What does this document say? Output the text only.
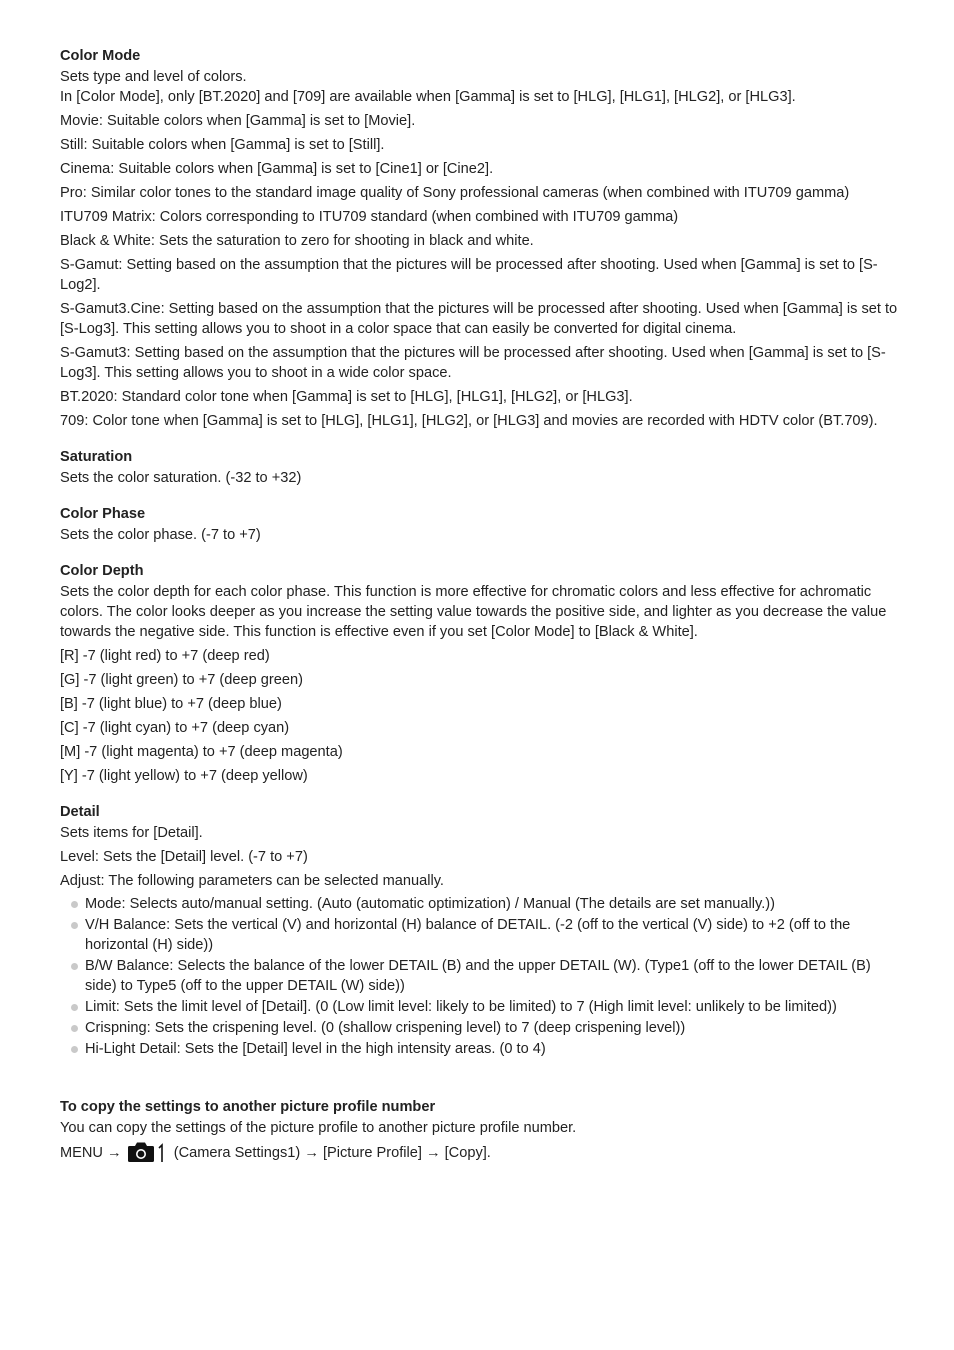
Color Mode

Sets type and level of colors.

In [Color Mode], only [BT.2020] and [709] are available when [Gamma] is set to [HLG], [HLG1], [HLG2], or [HLG3].

Movie: Suitable colors when [Gamma] is set to [Movie].

Still: Suitable colors when [Gamma] is set to [Still].

Cinema: Suitable colors when [Gamma] is set to [Cine1] or [Cine2].

Pro: Similar color tones to the standard image quality of Sony professional cameras (when combined with ITU709 gamma)

ITU709 Matrix: Colors corresponding to ITU709 standard (when combined with ITU709 gamma)

Black & White: Sets the saturation to zero for shooting in black and white.

S-Gamut: Setting based on the assumption that the pictures will be processed after shooting. Used when [Gamma] is set to [S-Log2].

S-Gamut3.Cine: Setting based on the assumption that the pictures will be processed after shooting. Used when [Gamma] is set to [S-Log3]. This setting allows you to shoot in a color space that can easily be converted for digital cinema.

S-Gamut3: Setting based on the assumption that the pictures will be processed after shooting. Used when [Gamma] is set to [S-Log3]. This setting allows you to shoot in a wide color space.

BT.2020: Standard color tone when [Gamma] is set to [HLG], [HLG1], [HLG2], or [HLG3].

709: Color tone when [Gamma] is set to [HLG], [HLG1], [HLG2], or [HLG3] and movies are recorded with HDTV color (BT.709).

Saturation

Sets the color saturation. (-32 to +32)

Color Phase

Sets the color phase. (-7 to +7)

Color Depth

Sets the color depth for each color phase. This function is more effective for chromatic colors and less effective for achromatic colors. The color looks deeper as you increase the setting value towards the positive side, and lighter as you decrease the value towards the negative side. This function is effective even if you set [Color Mode] to [Black & White].

[R] -7 (light red) to +7 (deep red)

[G] -7 (light green) to +7 (deep green)

[B] -7 (light blue) to +7 (deep blue)

[C] -7 (light cyan) to +7 (deep cyan)

[M] -7 (light magenta) to +7 (deep magenta)

[Y] -7 (light yellow) to +7 (deep yellow)

Detail

Sets items for [Detail].

Level: Sets the [Detail] level. (-7 to +7)

Adjust: The following parameters can be selected manually.

Mode: Selects auto/manual setting. (Auto (automatic optimization) / Manual (The details are set manually.))
V/H Balance: Sets the vertical (V) and horizontal (H) balance of DETAIL. (-2 (off to the vertical (V) side) to +2 (off to the horizontal (H) side))
B/W Balance: Selects the balance of the lower DETAIL (B) and the upper DETAIL (W). (Type1 (off to the lower DETAIL (B) side) to Type5 (off to the upper DETAIL (W) side))
Limit: Sets the limit level of [Detail]. (0 (Low limit level: likely to be limited) to 7 (High limit level: unlikely to be limited))
Crispning: Sets the crispening level. (0 (shallow crispening level) to 7 (deep crispening level))
Hi-Light Detail: Sets the [Detail] level in the high intensity areas. (0 to 4)

To copy the settings to another picture profile number

You can copy the settings of the picture profile to another picture profile number.

MENU →	(Camera Settings1) → [Picture Profile] → [Copy].
